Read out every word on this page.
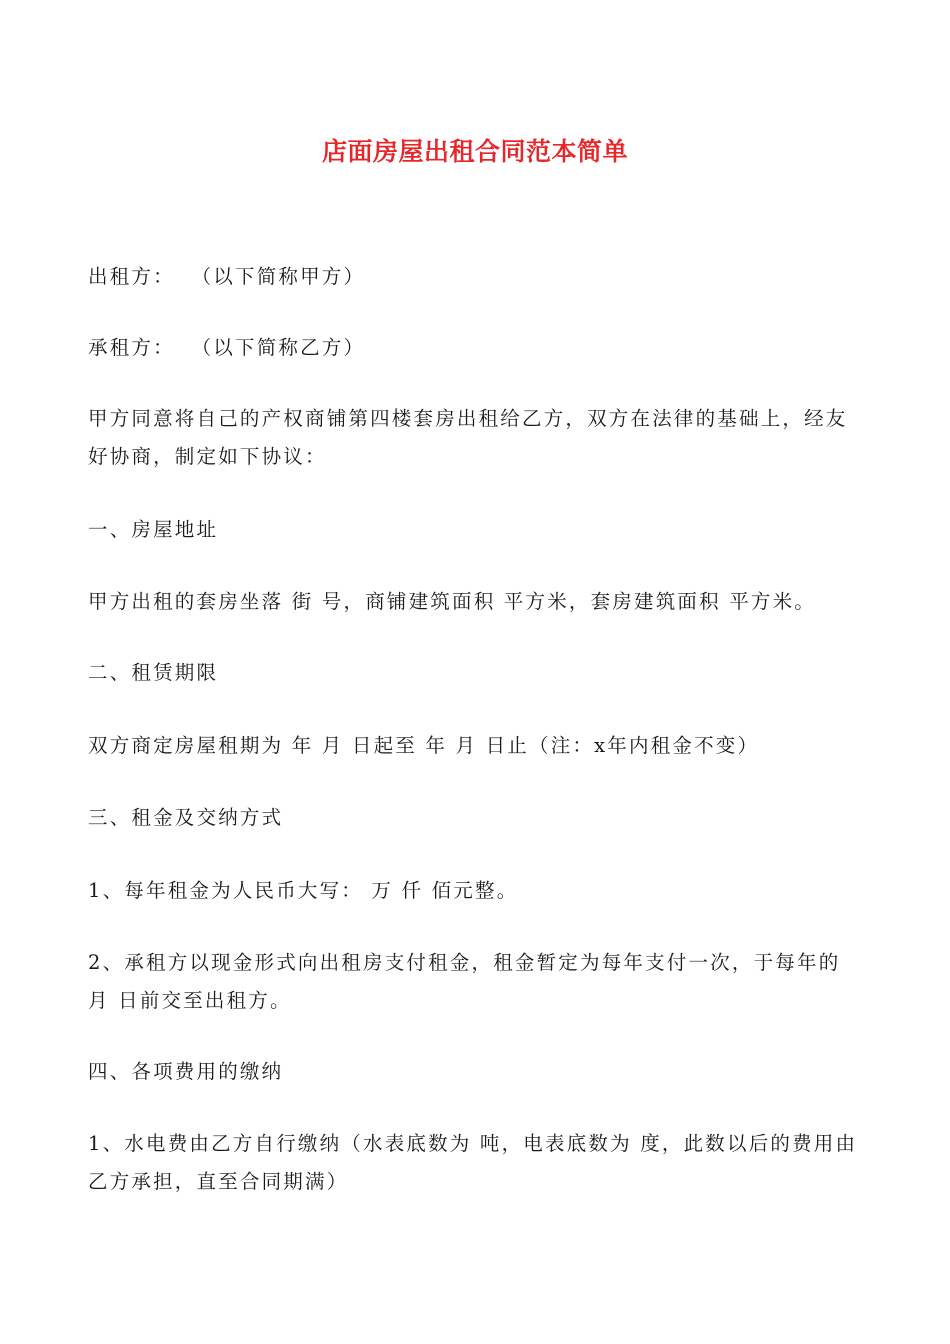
店面房屋出租合同范本简单

出租方：  （以下简称甲方）

承租方：  （以下简称乙方）

甲方同意将自己的产权商铺第四楼套房出租给乙方，双方在法律的基础上，经友好协商，制定如下协议：

一、房屋地址

甲方出租的套房坐落 街 号，商铺建筑面积 平方米，套房建筑面积 平方米。

二、租赁期限

双方商定房屋租期为 年 月 日起至 年 月 日止（注：x年内租金不变）

三、租金及交纳方式

1、每年租金为人民币大写： 万 仟 佰元整。

2、承租方以现金形式向出租房支付租金，租金暂定为每年支付一次，于每年的 月 日前交至出租方。

四、各项费用的缴纳

1、水电费由乙方自行缴纳（水表底数为 吨，电表底数为 度，此数以后的费用由乙方承担，直至合同期满）
